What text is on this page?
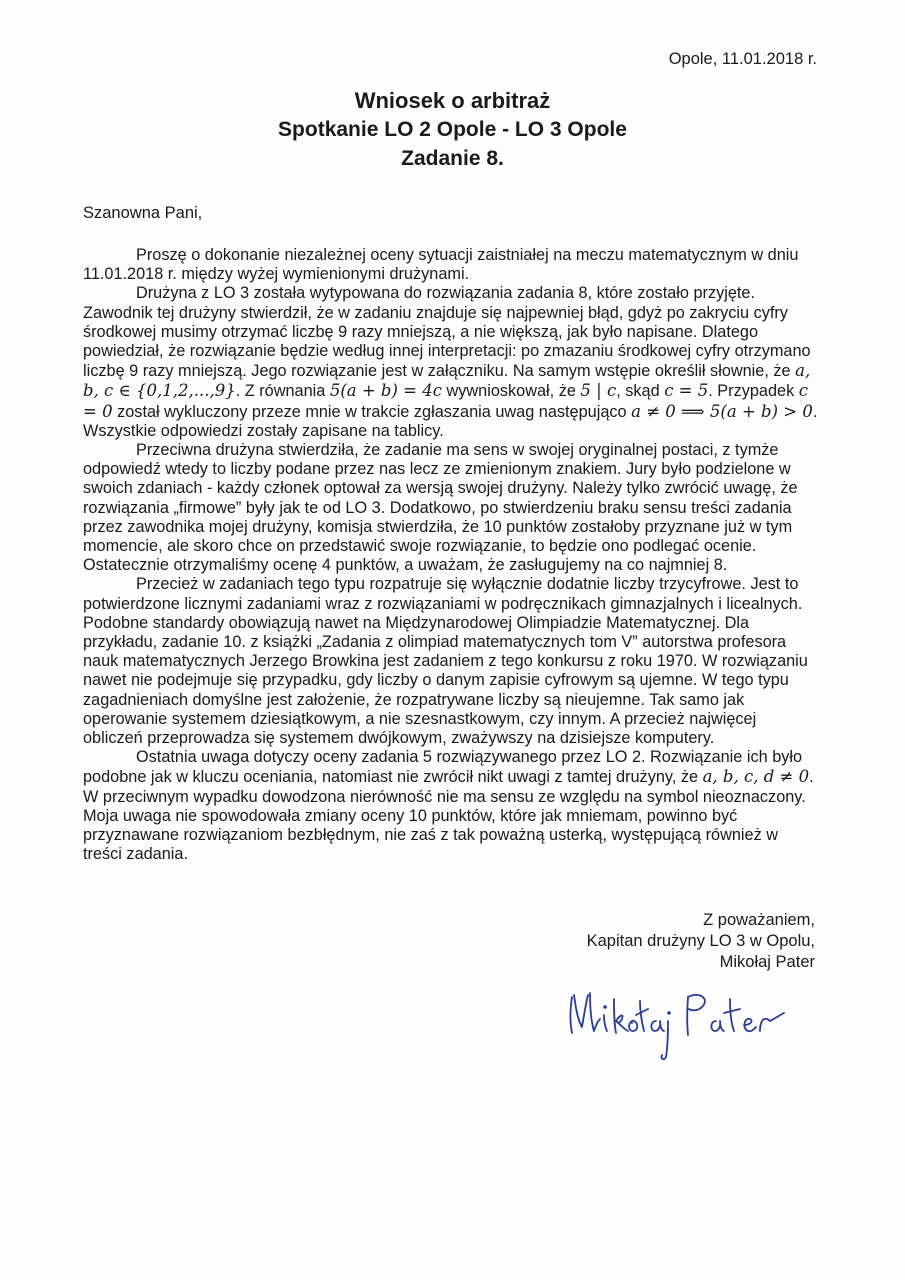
Opole, 11.01.2018 r.
Wniosek o arbitraż
Spotkanie LO 2 Opole - LO 3 Opole
Zadanie 8.
Szanowna Pani,

Proszę o dokonanie niezależnej oceny sytuacji zaistniałej na meczu matematycznym w dniu 11.01.2018 r. między wyżej wymienionymi drużynami.

Drużyna z LO 3 została wytypowana do rozwiązania zadania 8, które zostało przyjęte. Zawodnik tej drużyny stwierdził, że w zadaniu znajduje się najpewniej błąd, gdyż po zakryciu cyfry środkowej musimy otrzymać liczbę 9 razy mniejszą, a nie większą, jak było napisane. Dlatego powiedział, że rozwiązanie będzie według innej interpretacji: po zmazaniu środkowej cyfry otrzymano liczbę 9 razy mniejszą. Jego rozwiązanie jest w załączniku. Na samym wstępie określił słownie, że a, b, c ∈ {0,1,2,...,9}. Z równania 5(a + b) = 4c wywnioskował, że 5 | c, skąd c = 5. Przypadek c = 0 został wykluczony przeze mnie w trakcie zgłaszania uwag następująco a ≠ 0 ⟹ 5(a + b) > 0. Wszystkie odpowiedzi zostały zapisane na tablicy.

Przeciwna drużyna stwierdziła, że zadanie ma sens w swojej oryginalnej postaci, z tymże odpowiedź wtedy to liczby podane przez nas lecz ze zmienionym znakiem. Jury było podzielone w swoich zdaniach - każdy członek optował za wersją swojej drużyny. Należy tylko zwrócić uwagę, że rozwiązania „firmowe” były jak te od LO 3. Dodatkowo, po stwierdzeniu braku sensu treści zadania przez zawodnika mojej drużyny, komisja stwierdziła, że 10 punktów zostałoby przyznane już w tym momencie, ale skoro chce on przedstawić swoje rozwiązanie, to będzie ono podlegać ocenie. Ostatecznie otrzymaliśmy ocenę 4 punktów, a uważam, że zasługujemy na co najmniej 8.

Przecież w zadaniach tego typu rozpatruje się wyłącznie dodatnie liczby trzycyfrowe. Jest to potwierdzone licznymi zadaniami wraz z rozwiązaniami w podręcznikach gimnazjalnych i licealnych. Podobne standardy obowiązują nawet na Międzynarodowej Olimpiadzie Matematycznej. Dla przykładu, zadanie 10. z książki „Zadania z olimpiad matematycznych tom V” autorstwa profesora nauk matematycznych Jerzego Browkina jest zadaniem z tego konkursu z roku 1970. W rozwiązaniu nawet nie podejmuje się przypadku, gdy liczby o danym zapisie cyfrowym są ujemne. W tego typu zagadnieniach domyślne jest założenie, że rozpatrywane liczby są nieujemne. Tak samo jak operowanie systemem dziesiątkowym, a nie szesnastkowym, czy innym. A przecież najwięcej obliczeń przeprowadza się systemem dwójkowym, zważywszy na dzisiejsze komputery.

Ostatnia uwaga dotyczy oceny zadania 5 rozwiązywanego przez LO 2. Rozwiązanie ich było podobne jak w kluczu oceniania, natomiast nie zwrócił nikt uwagi z tamtej drużyny, że a, b, c, d ≠ 0. W przeciwnym wypadku dowodzona nierówność nie ma sensu ze względu na symbol nieoznaczony. Moja uwaga nie spowodowała zmiany oceny 10 punktów, które jak mniemam, powinno być przyznawane rozwiązaniom bezbłędnym, nie zaś z tak poważną usterką, występującą również w treści zadania.

Z poważaniem,
Kapitan drużyny LO 3 w Opolu,
Mikołaj Pater
